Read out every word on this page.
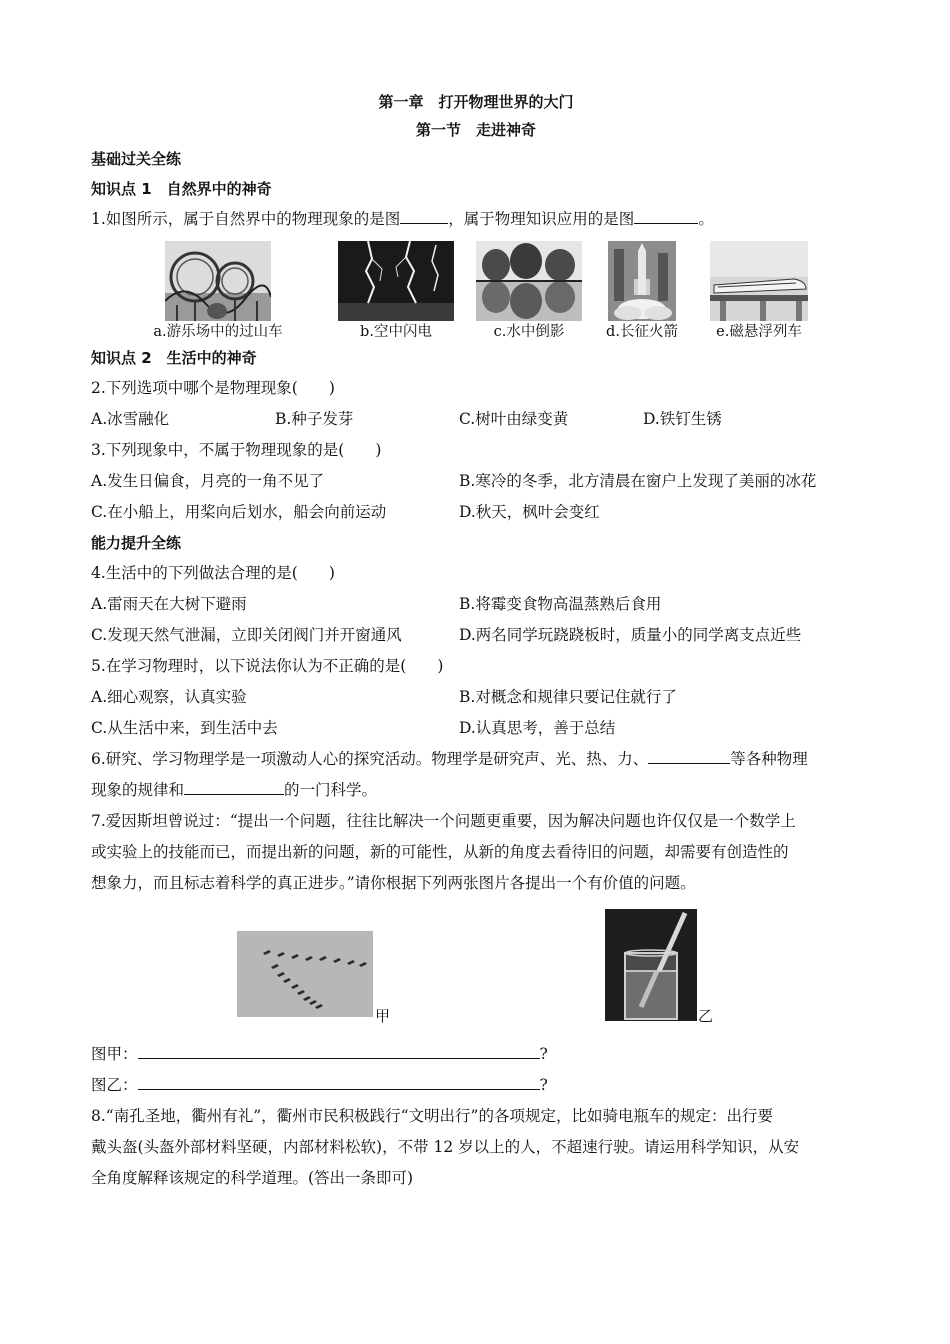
第一章　打开物理世界的大门
第一节　走进神奇
基础过关全练
知识点 1　自然界中的神奇
1.如图所示，属于自然界中的物理现象的是图	，属于物理知识应用的是图	。
a.游乐场中的过山车	b.空中闪电	c.水中倒影	d.长征火箭	e.磁悬浮列车
知识点 2　生活中的神奇
2.下列选项中哪个是物理现象(　　)
A.冰雪融化	B.种子发芽	C.树叶由绿变黄	D.铁钉生锈
3.下列现象中，不属于物理现象的是(　　)
A.发生日偏食，月亮的一角不见了	B.寒冷的冬季，北方清晨在窗户上发现了美丽的冰花
C.在小船上，用桨向后划水，船会向前运动	D.秋天，枫叶会变红
能力提升全练
4.生活中的下列做法合理的是(　　)
A.雷雨天在大树下避雨	B.将霉变食物高温蒸熟后食用
C.发现天然气泄漏，立即关闭阀门并开窗通风	D.两名同学玩跷跷板时，质量小的同学离支点近些
5.在学习物理时，以下说法你认为不正确的是(　　)
A.细心观察，认真实验	B.对概念和规律只要记住就行了
C.从生活中来，到生活中去	D.认真思考，善于总结
6.研究、学习物理学是一项激动人心的探究活动。物理学是研究声、光、热、力、	等各种物理
现象的规律和	的一门科学。
7.爱因斯坦曾说过：“提出一个问题，往往比解决一个问题更重要，因为解决问题也许仅仅是一个数学上
或实验上的技能而已，而提出新的问题，新的可能性，从新的角度去看待旧的问题，却需要有创造性的
想象力，而且标志着科学的真正进步。”请你根据下列两张图片各提出一个有价值的问题。
甲	乙
图甲：	?
图乙：	?
8.“南孔圣地，衢州有礼”，衢州市民积极践行“文明出行”的各项规定，比如骑电瓶车的规定：出行要
戴头盔(头盔外部材料坚硬，内部材料松软)，不带 12 岁以上的人，不超速行驶。请运用科学知识，从安
全角度解释该规定的科学道理。(答出一条即可)
